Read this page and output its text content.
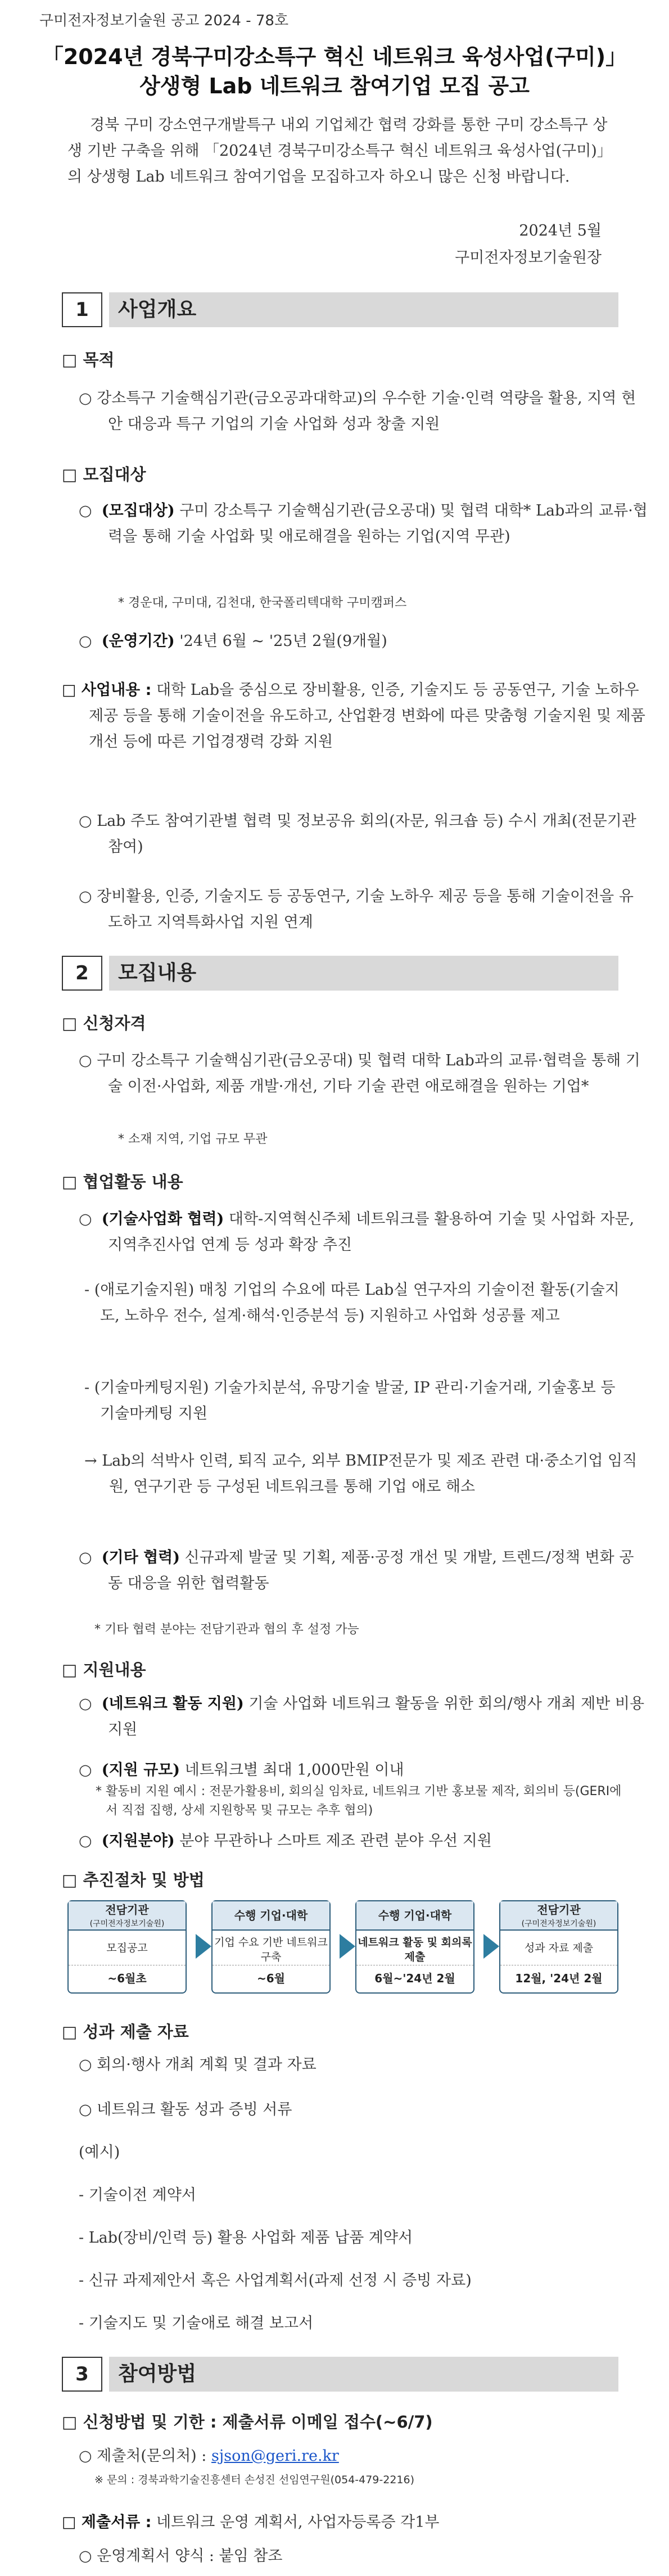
구미전자정보기술원 공고 2024 - 78호
「2024년 경북구미강소특구 혁신 네트워크 육성사업(구미)」
상생형 Lab 네트워크 참여기업 모집 공고
경북 구미 강소연구개발특구 내외 기업체간 협력 강화를 통한 구미 강소특구 상생 기반 구축을 위해 「2024년 경북구미강소특구 혁신 네트워크 육성사업(구미)」의 상생형 Lab 네트워크 참여기업을 모집하고자 하오니 많은 신청 바랍니다.
2024년 5월
구미전자정보기술원장
1	사업개요
□ 목적
○ 강소특구 기술핵심기관(금오공과대학교)의 우수한 기술·인력 역량을 활용, 지역 현안 대응과 특구 기업의 기술 사업화 성과 창출 지원
□ 모집대상
○  (모집대상) 구미 강소특구 기술핵심기관(금오공대) 및 협력 대학* Lab과의 교류·협력을 통해 기술 사업화 및 애로해결을 원하는 기업(지역 무관)
* 경운대, 구미대, 김천대, 한국폴리텍대학 구미캠퍼스
○  (운영기간) '24년 6월 ~ '25년 2월(9개월)
□ 사업내용 : 대학 Lab을 중심으로 장비활용, 인증, 기술지도 등 공동연구, 기술 노하우 제공 등을 통해 기술이전을 유도하고, 산업환경 변화에 따른 맞춤형 기술지원 및 제품 개선 등에 따른 기업경쟁력 강화 지원
○ Lab 주도 참여기관별 협력 및 정보공유 회의(자문, 워크숍 등) 수시 개최(전문기관 참여)
○ 장비활용, 인증, 기술지도 등 공동연구, 기술 노하우 제공 등을 통해 기술이전을 유도하고 지역특화사업 지원 연계
2	모집내용
□ 신청자격
○ 구미 강소특구 기술핵심기관(금오공대) 및 협력 대학 Lab과의 교류·협력을 통해 기술 이전·사업화, 제품 개발·개선, 기타 기술 관련 애로해결을 원하는 기업*
* 소재 지역, 기업 규모 무관
□ 협업활동 내용
○  (기술사업화 협력) 대학-지역혁신주체 네트워크를 활용하여 기술 및 사업화 자문, 지역추진사업 연계 등 성과 확장 추진
- (애로기술지원) 매칭 기업의 수요에 따른 Lab실 연구자의 기술이전 활동(기술지도, 노하우 전수, 설계·해석·인증분석 등) 지원하고 사업화 성공률 제고
- (기술마케팅지원) 기술가치분석, 유망기술 발굴, IP 관리·기술거래, 기술홍보 등 기술마케팅 지원
→ Lab의 석박사 인력, 퇴직 교수, 외부 BMIP전문가 및 제조 관련 대·중소기업 임직원, 연구기관 등 구성된 네트워크를 통해 기업 애로 해소
○  (기타 협력) 신규과제 발굴 및 기획, 제품·공정 개선 및 개발, 트렌드/정책 변화 공동 대응을 위한 협력활동
* 기타 협력 분야는 전담기관과 협의 후 설정 가능
□ 지원내용
○  (네트워크 활동 지원) 기술 사업화 네트워크 활동을 위한 회의/행사 개최 제반 비용 지원
○  (지원 규모) 네트워크별 최대 1,000만원 이내
* 활동비 지원 예시 : 전문가활용비, 회의실 임차료, 네트워크 기반 홍보물 제작, 회의비 등(GERI에서 직접 집행, 상세 지원항목 및 규모는 추후 협의)
○  (지원분야) 분야 무관하나 스마트 제조 관련 분야 우선 지원
□ 추진절차 및 방법
전담기관
(구미전자정보기술원)
모집공고
~6월초
수행 기업·대학
기업 수요 기반 네트워크 구축
~6월
수행 기업·대학
네트워크 활동 및 회의록 제출
6월~'24년 2월
전담기관
(구미전자정보기술원)
성과 자료 제출
12월, '24년 2월
□ 성과 제출 자료
○ 회의·행사 개최 계획 및 결과 자료
○ 네트워크 활동 성과 증빙 서류
(예시)
- 기술이전 계약서
- Lab(장비/인력 등) 활용 사업화 제품 납품 계약서
- 신규 과제제안서 혹은 사업계획서(과제 선정 시 증빙 자료)
- 기술지도 및 기술애로 해결 보고서
3	참여방법
□ 신청방법 및 기한 : 제출서류 이메일 접수(~6/7)
○ 제출처(문의처) : sjson@geri.re.kr
※ 문의 : 경북과학기술진흥센터 손성진 선임연구원(054-479-2216)
□ 제출서류 : 네트워크 운영 계획서, 사업자등록증 각1부
○ 운영계획서 양식 : 붙임 참조
